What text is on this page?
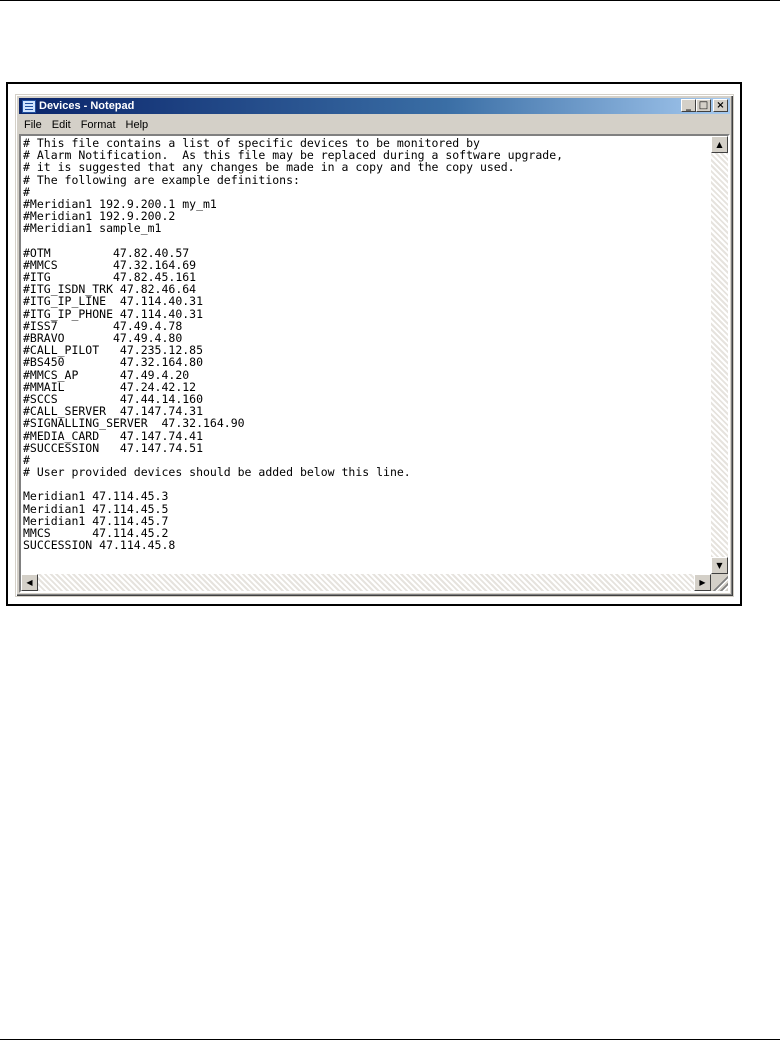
Devices - Notepad	_ □ ×
File Edit Format Help
# This file contains a list of specific devices to be monitored by
# Alarm Notification.  As this file may be replaced during a software upgrade,
# it is suggested that any changes be made in a copy and the copy used.
# The following are example definitions:
#
#Meridian1 192.9.200.1 my_m1
#Meridian1 192.9.200.2
#Meridian1 sample_m1
#OTM         47.82.40.57
#MMCS        47.32.164.69
#ITG         47.82.45.161
#ITG_ISDN_TRK 47.82.46.64
#ITG_IP_LINE  47.114.40.31
#ITG_IP_PHONE 47.114.40.31
#ISS7        47.49.4.78
#BRAVO       47.49.4.80
#CALL_PILOT   47.235.12.85
#BS450        47.32.164.80
#MMCS_AP      47.49.4.20
#MMAIL        47.24.42.12
#SCCS         47.44.14.160
#CALL_SERVER  47.147.74.31
#SIGNALLING_SERVER  47.32.164.90
#MEDIA_CARD   47.147.74.41
#SUCCESSION   47.147.74.51
#
# User provided devices should be added below this line.
Meridian1 47.114.45.3
Meridian1 47.114.45.5
Meridian1 47.114.45.7
MMCS      47.114.45.2
SUCCESSION 47.114.45.8
▲
▼
◀	▶
